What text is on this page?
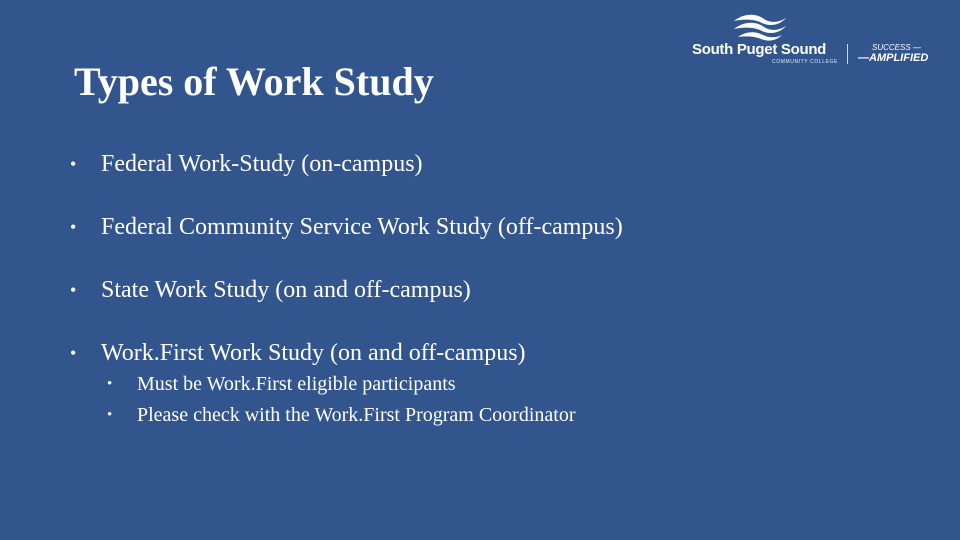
Types of Work Study
South Puget Sound
COMMUNITY COLLEGE
SUCCESS —
—AMPLIFIED
• Federal Work-Study (on-campus)
• Federal Community Service Work Study (off-campus)
• State Work Study (on and off-campus)
• Work.First Work Study (on and off-campus)
• Must be Work.First eligible participants
• Please check with the Work.First Program Coordinator
